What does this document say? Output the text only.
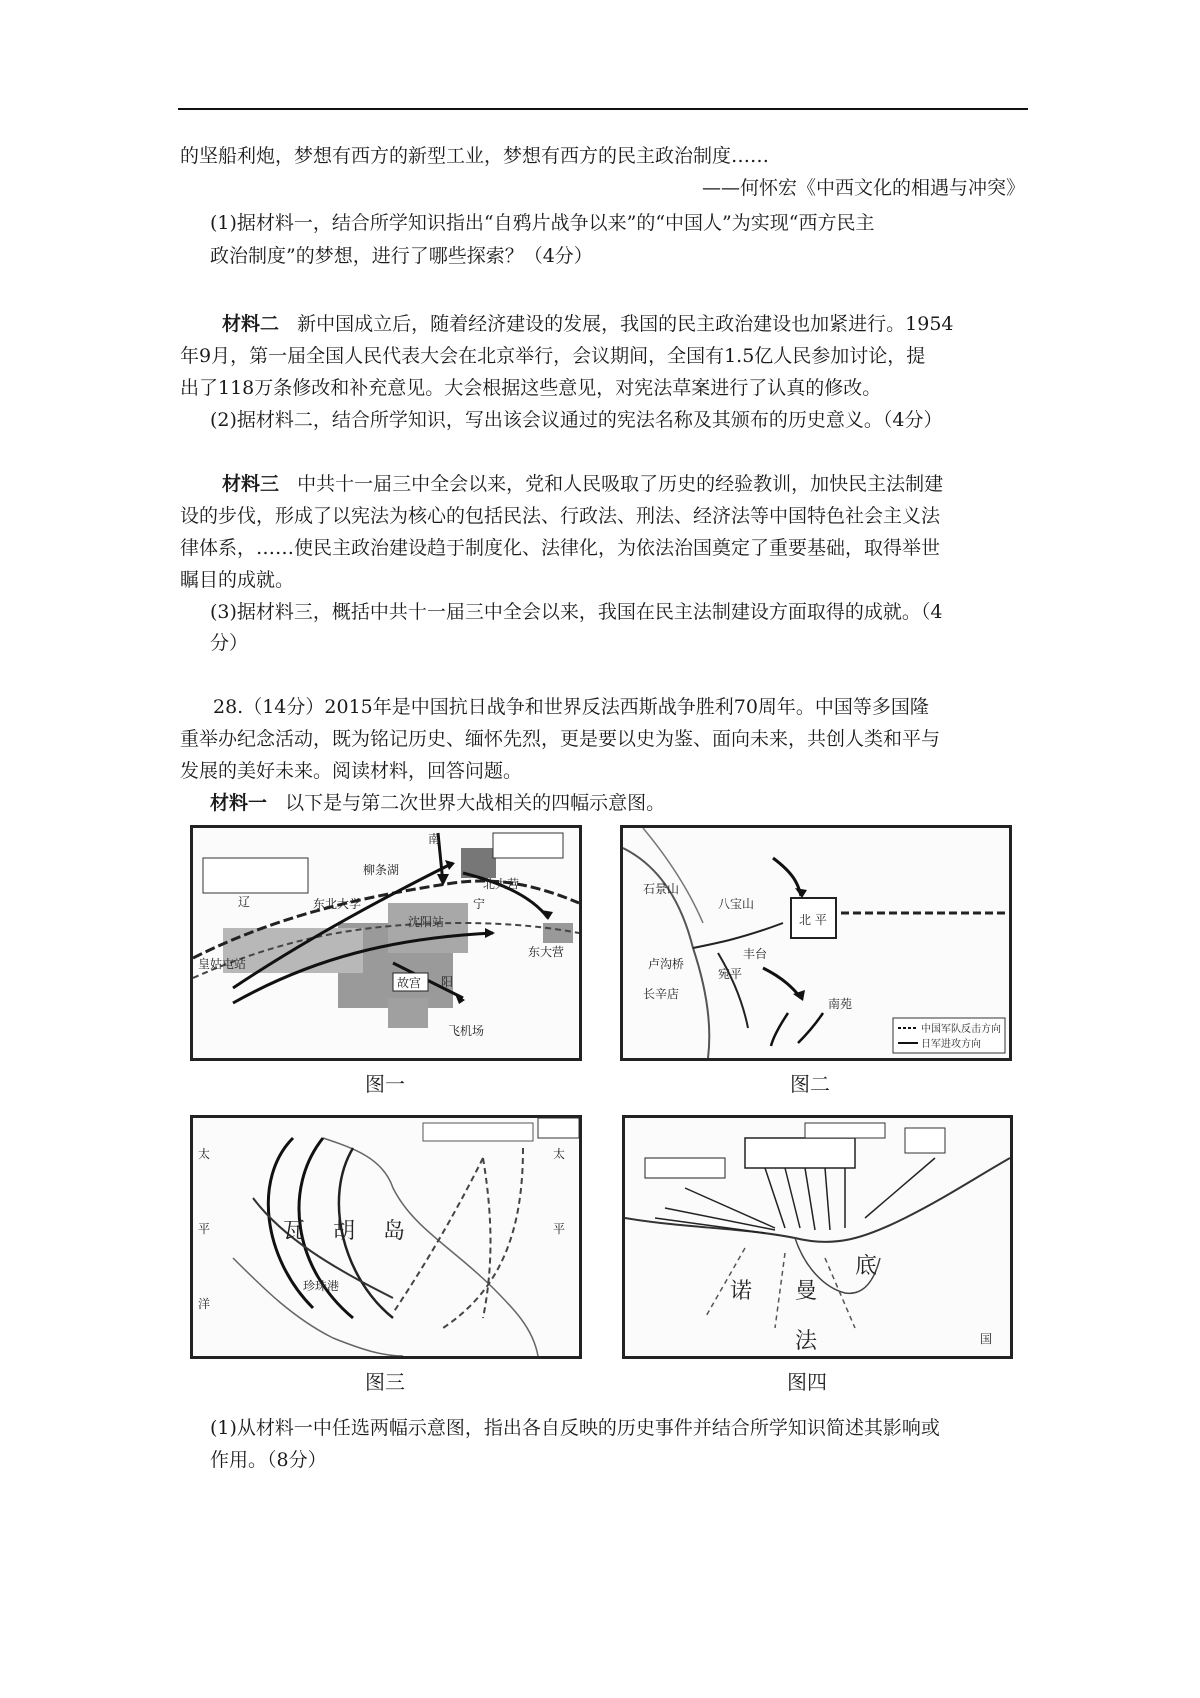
的坚船利炮，梦想有西方的新型工业，梦想有西方的民主政治制度……
——何怀宏《中西文化的相遇与冲突》
(1)据材料一，结合所学知识指出“自鸦片战争以来”的“中国人”为实现“西方民主
政治制度”的梦想，进行了哪些探索？（4分）
材料二 新中国成立后，随着经济建设的发展，我国的民主政治建设也加紧进行。1954
年9月，第一届全国人民代表大会在北京举行，会议期间，全国有1.5亿人民参加讨论，提
出了118万条修改和补充意见。大会根据这些意见，对宪法草案进行了认真的修改。
(2)据材料二，结合所学知识，写出该会议通过的宪法名称及其颁布的历史意义。（4分）
材料三 中共十一届三中全会以来，党和人民吸取了历史的经验教训，加快民主法制建
设的步伐，形成了以宪法为核心的包括民法、行政法、刑法、经济法等中国特色社会主义法
律体系，……使民主政治建设趋于制度化、法律化，为依法治国奠定了重要基础，取得举世
瞩目的成就。
(3)据材料三，概括中共十一届三中全会以来，我国在民主法制建设方面取得的成就。（4
分）
28.（14分）2015年是中国抗日战争和世界反法西斯战争胜利70周年。中国等多国隆
重举办纪念活动，既为铭记历史、缅怀先烈，更是要以史为鉴、面向未来，共创人类和平与
发展的美好未来。阅读材料，回答问题。
材料一 以下是与第二次世界大战相关的四幅示意图。
柳条湖
北大营
东北大学
沈阳站
东大营
皇姑屯站
辽	宁
故宫 阳
飞机场
南
图一
石景山
八宝山
北 平
卢沟桥
丰台
宛平
长辛店
南苑
中国军队反击方向
日军进攻方向
图二
太	太
平	平
洋
瓦 胡 岛
珍珠港
图三
底
诺 曼
法	国
图四
(1)从材料一中任选两幅示意图，指出各自反映的历史事件并结合所学知识简述其影响或
作用。（8分）
